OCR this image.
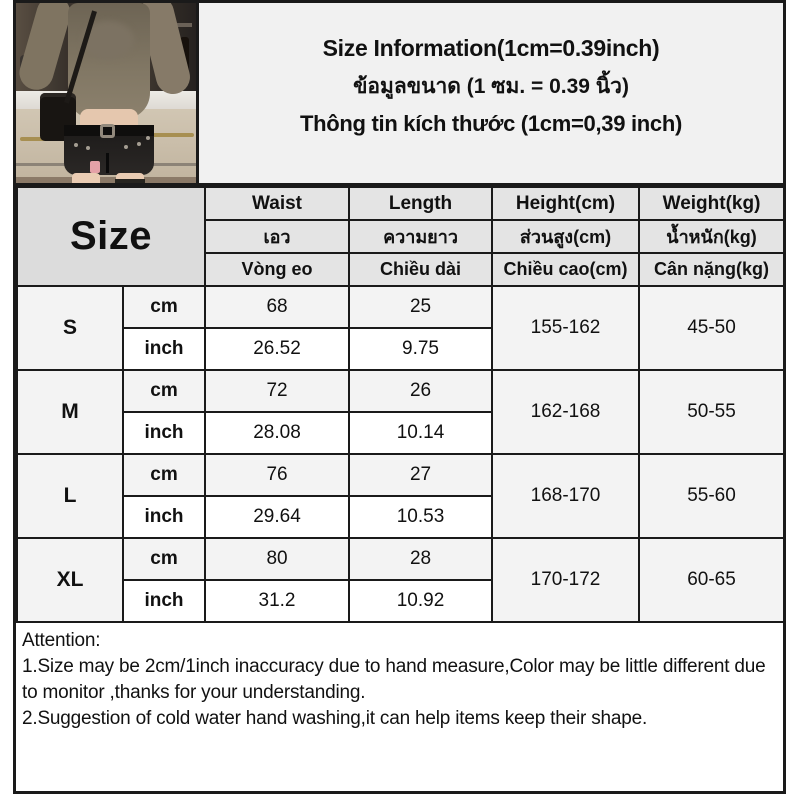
Size Information(1cm=0.39inch)
ข้อมูลขนาด (1 ซม. = 0.39 นิ้ว)
Thông tin kích thước (1cm=0,39 inch)
Size		Waist	Length	Height(cm)	Weight(kg)
		เอว	ความยาว	ส่วนสูง(cm)	น้ำหนัก(kg)
		Vòng eo	Chiều dài	Chiều cao(cm)	Cân nặng(kg)
S	cm	68	25	155-162	45-50
	inch	26.52	9.75		
M	cm	72	26	162-168	50-55
	inch	28.08	10.14		
L	cm	76	27	168-170	55-60
	inch	29.64	10.53		
XL	cm	80	28	170-172	60-65
	inch	31.2	10.92		
Attention:
1.Size may be 2cm/1inch inaccuracy due to hand measure,Color may be little different due to monitor ,thanks for your understanding.
2.Suggestion of cold water hand washing,it can help items keep their shape.
